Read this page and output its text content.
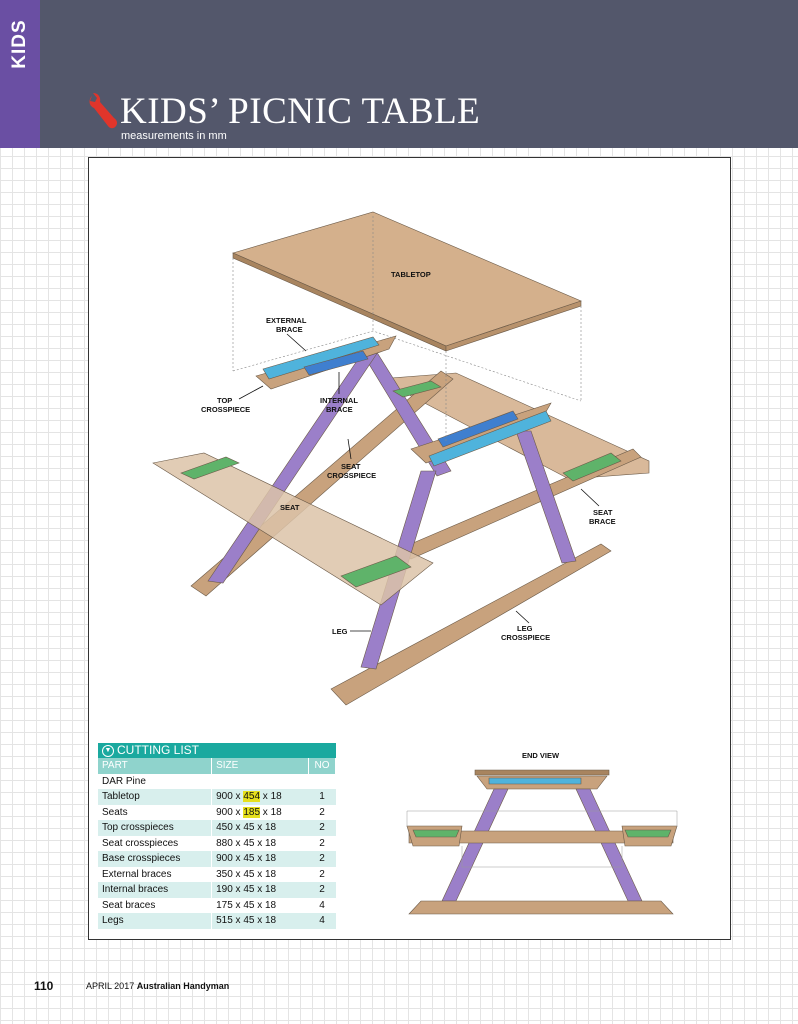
KIDS
KIDS’ PICNIC TABLE
measurements in mm
TABLETOP
EXTERNAL
BRACE
TOP
CROSSPIECE
INTERNAL
BRACE
SEAT
CROSSPIECE
SEAT
SEAT
BRACE
LEG	LEG
CROSSPIECE
END VIEW
▼ CUTTING LIST
PART	SIZE	NO
DAR Pine		
Tabletop	900 x 454 x 18	1
Seats	900 x 185 x 18	2
Top crosspieces	450 x 45 x 18	2
Seat crosspieces	880 x 45 x 18	2
Base crosspieces	900 x 45 x 18	2
External braces	350 x 45 x 18	2
Internal braces	190 x 45 x 18	2
Seat braces	175 x 45 x 18	4
Legs	515 x 45 x 18	4
110	APRIL 2017 Australian Handyman
